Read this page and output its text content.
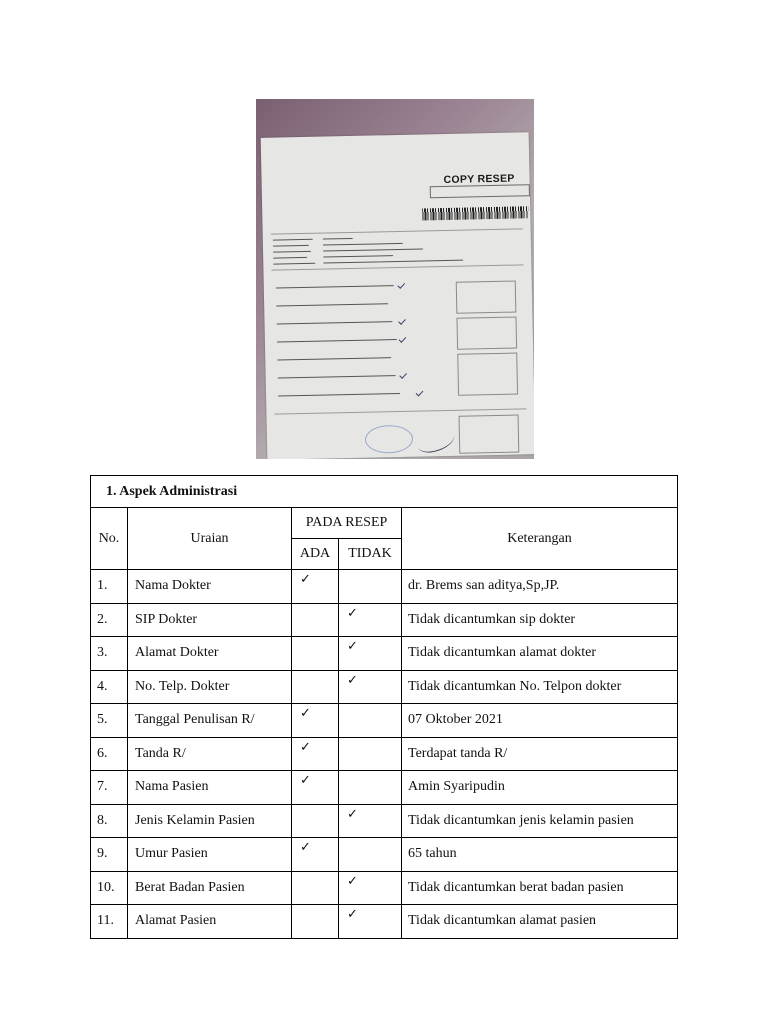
COPY RESEP
1. Aspek Administrasi				
No.	Uraian	PADA RESEP		Keterangan
		ADA	TIDAK	
1.	Nama Dokter	✓		dr. Brems san aditya,Sp,JP.
2.	SIP Dokter		✓	Tidak dicantumkan sip dokter
3.	Alamat Dokter		✓	Tidak dicantumkan alamat dokter
4.	No. Telp. Dokter		✓	Tidak dicantumkan No. Telpon dokter
5.	Tanggal Penulisan R/	✓		07 Oktober 2021
6.	Tanda R/	✓		Terdapat tanda R/
7.	Nama Pasien	✓		Amin Syaripudin
8.	Jenis Kelamin Pasien		✓	Tidak dicantumkan jenis kelamin pasien
9.	Umur Pasien	✓		65 tahun
10.	Berat Badan Pasien		✓	Tidak dicantumkan berat badan pasien
11.	Alamat Pasien		✓	Tidak dicantumkan alamat pasien
